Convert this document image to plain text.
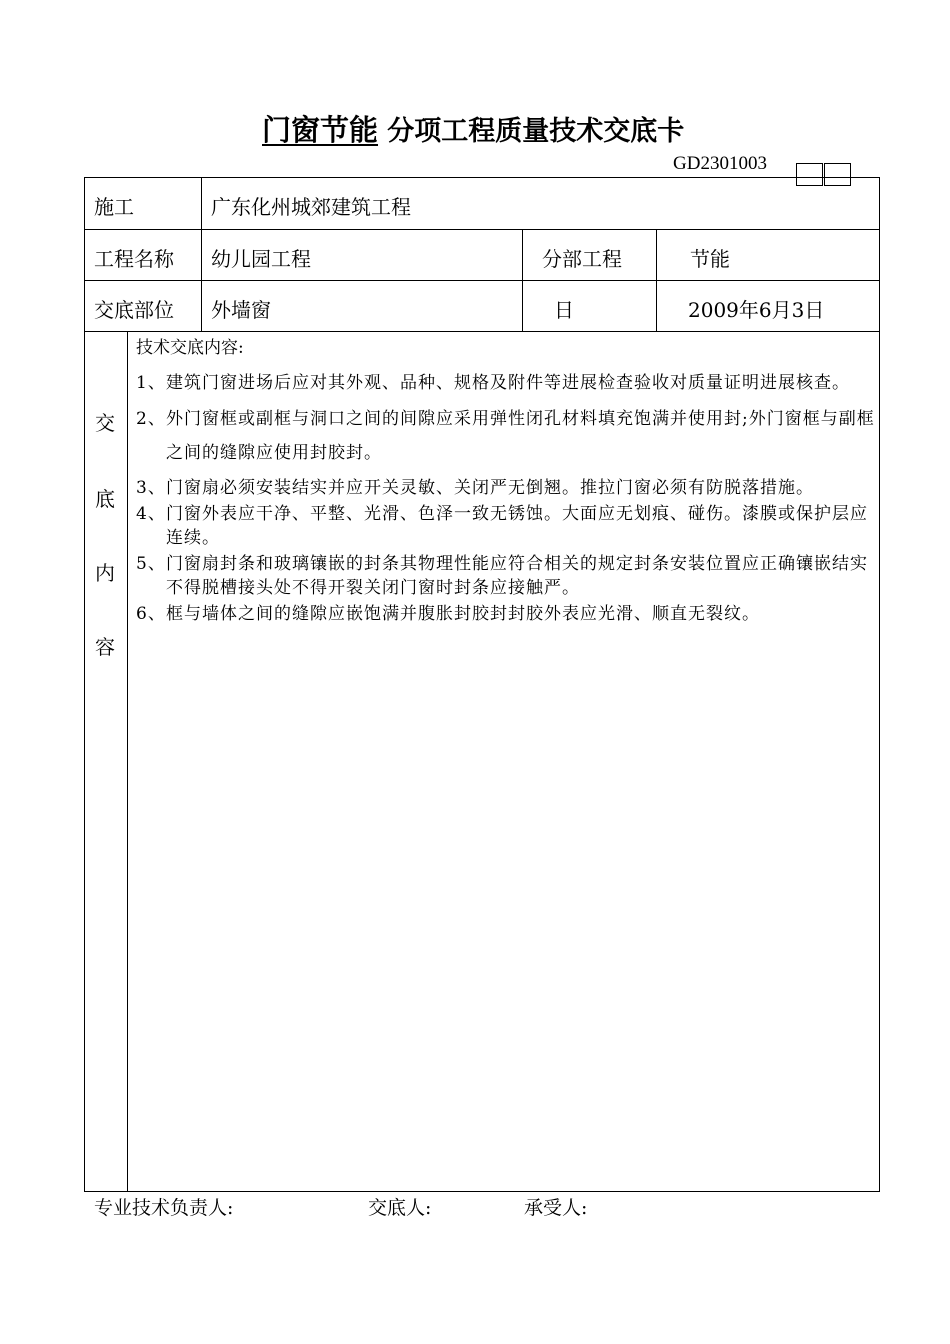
门窗节能 分项工程质量技术交底卡
GD2301003
施工	广东化州城郊建筑工程
工程名称 幼儿园工程	分部工程	节能
交底部位 外墙窗	日	2009年6月3日
交
底
内
容
技术交底内容:
1、 建筑门窗进场后应对其外观、品种、规格及附件等进展检查验收对质量证明进展核查。
2、 外门窗框或副框与洞口之间的间隙应采用弹性闭孔材料填充饱满并使用封;外门窗框与副框之间的缝隙应使用封胶封。
3、 门窗扇必须安装结实并应开关灵敏、关闭严无倒翘。推拉门窗必须有防脱落措施。
4、 门窗外表应干净、平整、光滑、色泽一致无锈蚀。大面应无划痕、碰伤。漆膜或保护层应连续。
5、 门窗扇封条和玻璃镶嵌的封条其物理性能应符合相关的规定封条安装位置应正确镶嵌结实不得脱槽接头处不得开裂关闭门窗时封条应接触严。
6、 框与墙体之间的缝隙应嵌饱满并腹胀封胶封封胶外表应光滑、顺直无裂纹。
专业技术负责人:	交底人:	承受人:
